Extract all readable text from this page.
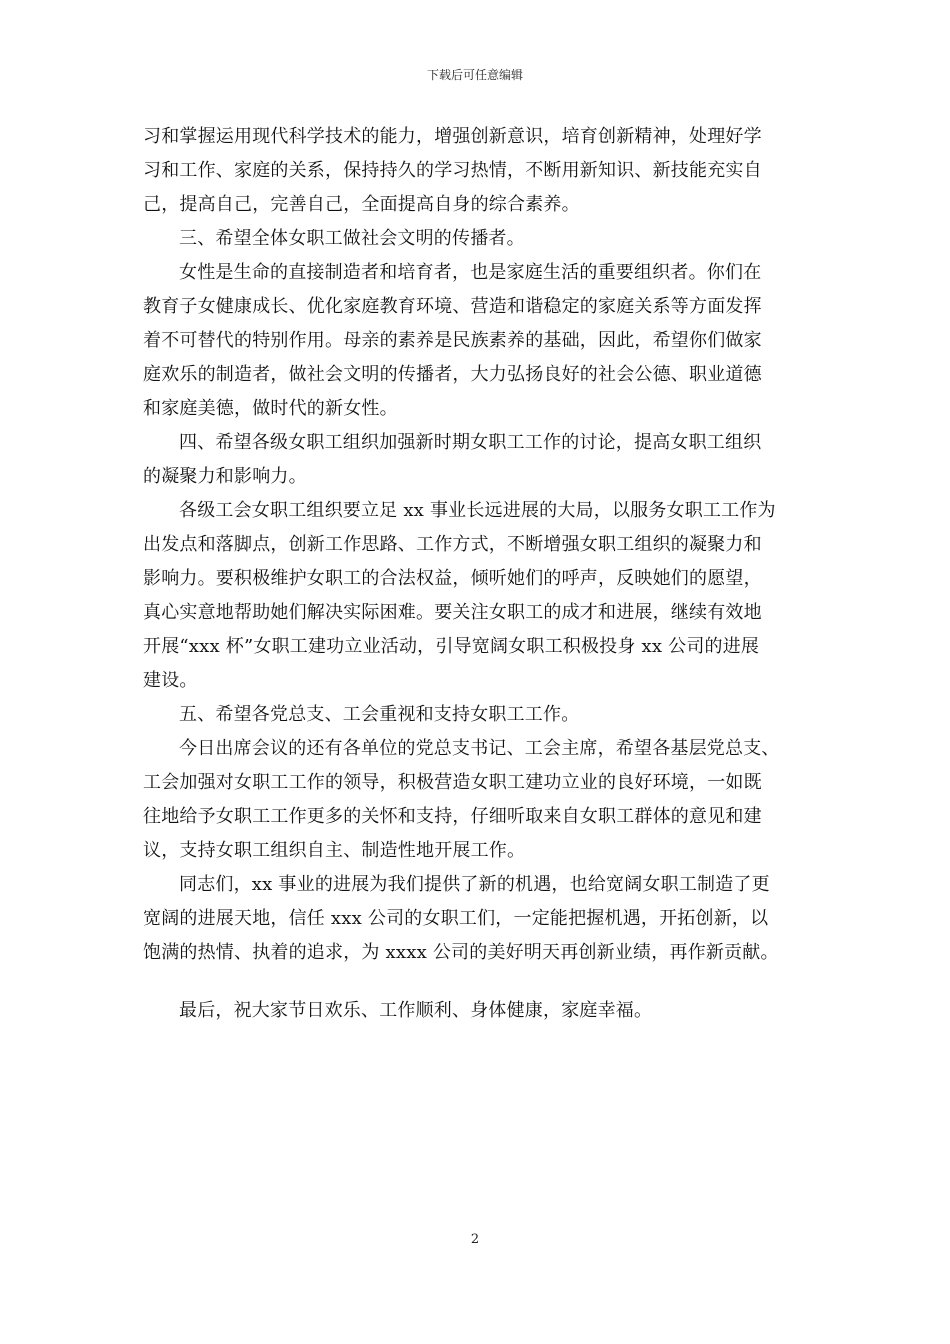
下载后可任意编辑
习和掌握运用现代科学技术的能力，增强创新意识，培育创新精神，处理好学
习和工作、家庭的关系，保持持久的学习热情，不断用新知识、新技能充实自
己，提高自己，完善自己，全面提高自身的综合素养。
三、希望全体女职工做社会文明的传播者。
女性是生命的直接制造者和培育者，也是家庭生活的重要组织者。你们在
教育子女健康成长、优化家庭教育环境、营造和谐稳定的家庭关系等方面发挥
着不可替代的特别作用。母亲的素养是民族素养的基础，因此，希望你们做家
庭欢乐的制造者，做社会文明的传播者，大力弘扬良好的社会公德、职业道德
和家庭美德，做时代的新女性。
四、希望各级女职工组织加强新时期女职工工作的讨论，提高女职工组织
的凝聚力和影响力。
各级工会女职工组织要立足 xx 事业长远进展的大局，以服务女职工工作为
出发点和落脚点，创新工作思路、工作方式，不断增强女职工组织的凝聚力和
影响力。要积极维护女职工的合法权益，倾听她们的呼声，反映她们的愿望，
真心实意地帮助她们解决实际困难。要关注女职工的成才和进展，继续有效地
开展“xxx 杯”女职工建功立业活动，引导宽阔女职工积极投身 xx 公司的进展
建设。
五、希望各党总支、工会重视和支持女职工工作。
今日出席会议的还有各单位的党总支书记、工会主席，希望各基层党总支、
工会加强对女职工工作的领导，积极营造女职工建功立业的良好环境，一如既
往地给予女职工工作更多的关怀和支持，仔细听取来自女职工群体的意见和建
议，支持女职工组织自主、制造性地开展工作。
同志们，xx 事业的进展为我们提供了新的机遇，也给宽阔女职工制造了更
宽阔的进展天地，信任 xxx 公司的女职工们，一定能把握机遇，开拓创新，以
饱满的热情、执着的追求，为 xxxx 公司的美好明天再创新业绩，再作新贡献。
最后，祝大家节日欢乐、工作顺利、身体健康，家庭幸福。
2
